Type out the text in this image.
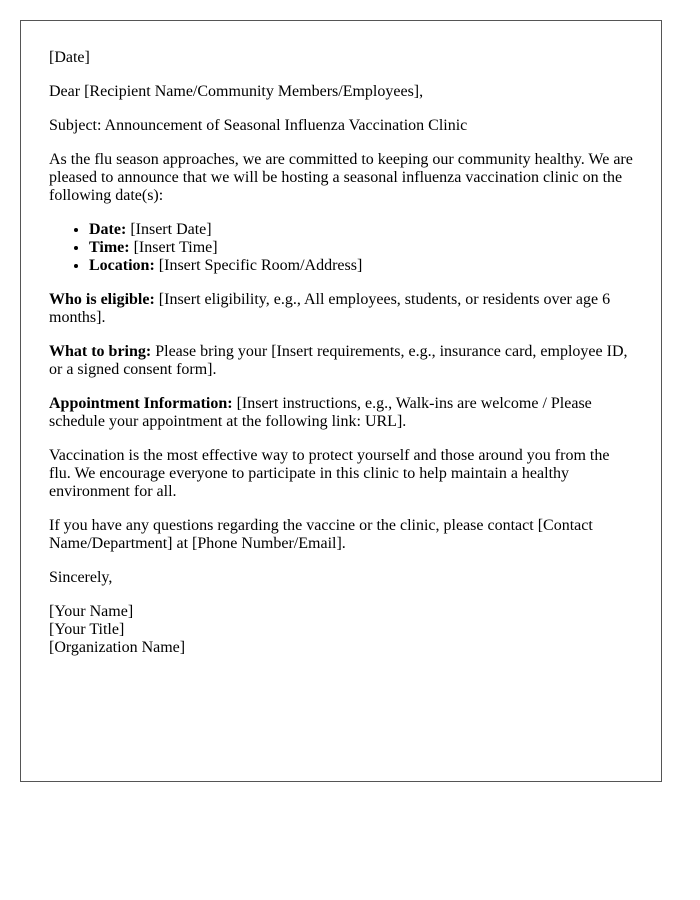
[Date]

Dear [Recipient Name/Community Members/Employees],

Subject: Announcement of Seasonal Influenza Vaccination Clinic

As the flu season approaches, we are committed to keeping our community healthy. We are pleased to announce that we will be hosting a seasonal influenza vaccination clinic on the following date(s):

• Date: [Insert Date]
• Time: [Insert Time]
• Location: [Insert Specific Room/Address]

Who is eligible: [Insert eligibility, e.g., All employees, students, or residents over age 6 months].

What to bring: Please bring your [Insert requirements, e.g., insurance card, employee ID, or a signed consent form].

Appointment Information: [Insert instructions, e.g., Walk-ins are welcome / Please schedule your appointment at the following link: URL].

Vaccination is the most effective way to protect yourself and those around you from the flu. We encourage everyone to participate in this clinic to help maintain a healthy environment for all.

If you have any questions regarding the vaccine or the clinic, please contact [Contact Name/Department] at [Phone Number/Email].

Sincerely,

[Your Name]
[Your Title]
[Organization Name]
